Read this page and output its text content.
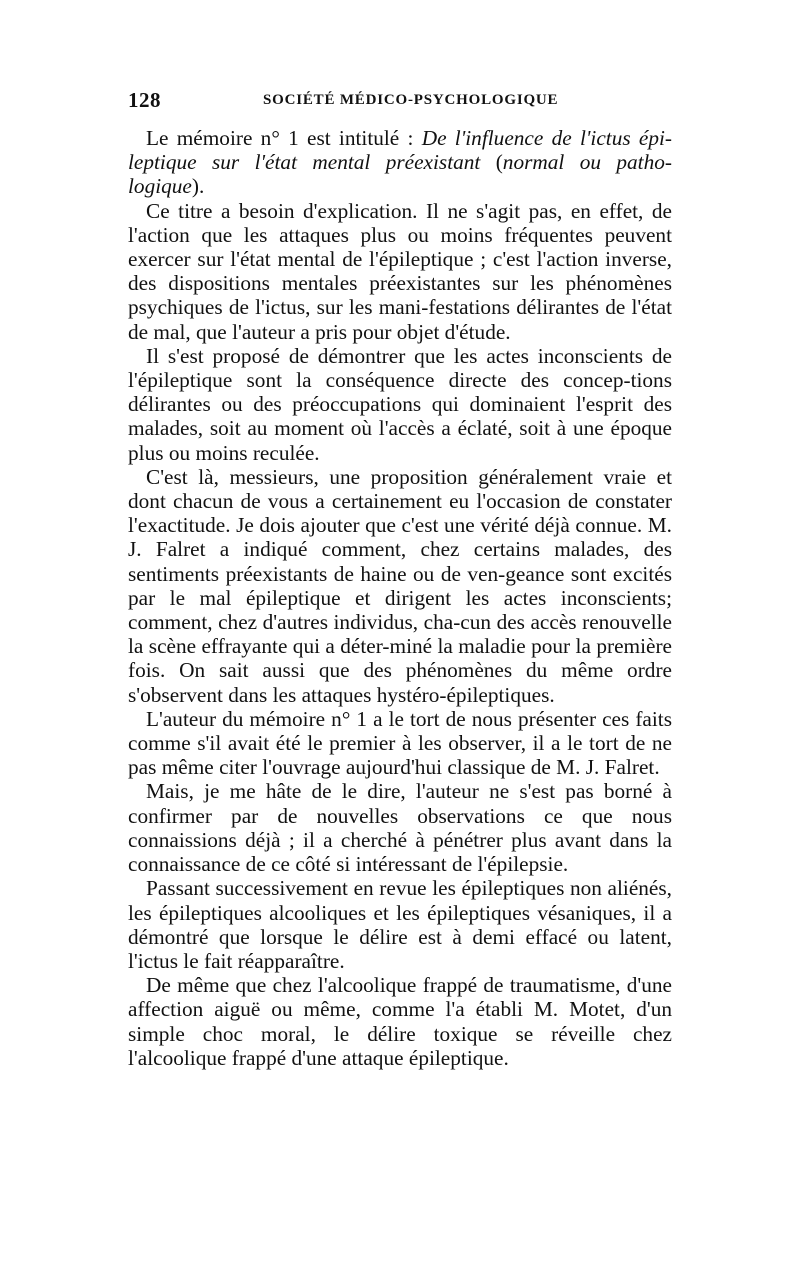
128	SOCIÉTÉ MÉDICO-PSYCHOLOGIQUE

Le mémoire n° 1 est intitulé : De l'influence de l'ictus épi-leptique sur l'état mental préexistant (normal ou patho-logique).

Ce titre a besoin d'explication. Il ne s'agit pas, en effet, de l'action que les attaques plus ou moins fréquentes peuvent exercer sur l'état mental de l'épileptique ; c'est l'action inverse, des dispositions mentales préexistantes sur les phénomènes psychiques de l'ictus, sur les mani-festations délirantes de l'état de mal, que l'auteur a pris pour objet d'étude.

Il s'est proposé de démontrer que les actes inconscients de l'épileptique sont la conséquence directe des concep-tions délirantes ou des préoccupations qui dominaient l'esprit des malades, soit au moment où l'accès a éclaté, soit à une époque plus ou moins reculée.

C'est là, messieurs, une proposition généralement vraie et dont chacun de vous a certainement eu l'occasion de constater l'exactitude. Je dois ajouter que c'est une vérité déjà connue. M. J. Falret a indiqué comment, chez certains malades, des sentiments préexistants de haine ou de ven-geance sont excités par le mal épileptique et dirigent les actes inconscients; comment, chez d'autres individus, cha-cun des accès renouvelle la scène effrayante qui a déter-miné la maladie pour la première fois. On sait aussi que des phénomènes du même ordre s'observent dans les attaques hystéro-épileptiques.

L'auteur du mémoire n° 1 a le tort de nous présenter ces faits comme s'il avait été le premier à les observer, il a le tort de ne pas même citer l'ouvrage aujourd'hui classique de M. J. Falret.

Mais, je me hâte de le dire, l'auteur ne s'est pas borné à confirmer par de nouvelles observations ce que nous connaissions déjà ; il a cherché à pénétrer plus avant dans la connaissance de ce côté si intéressant de l'épilepsie.

Passant successivement en revue les épileptiques non aliénés, les épileptiques alcooliques et les épileptiques vésaniques, il a démontré que lorsque le délire est à demi effacé ou latent, l'ictus le fait réapparaître.

De même que chez l'alcoolique frappé de traumatisme, d'une affection aiguë ou même, comme l'a établi M. Motet, d'un simple choc moral, le délire toxique se réveille chez l'alcoolique frappé d'une attaque épileptique.
